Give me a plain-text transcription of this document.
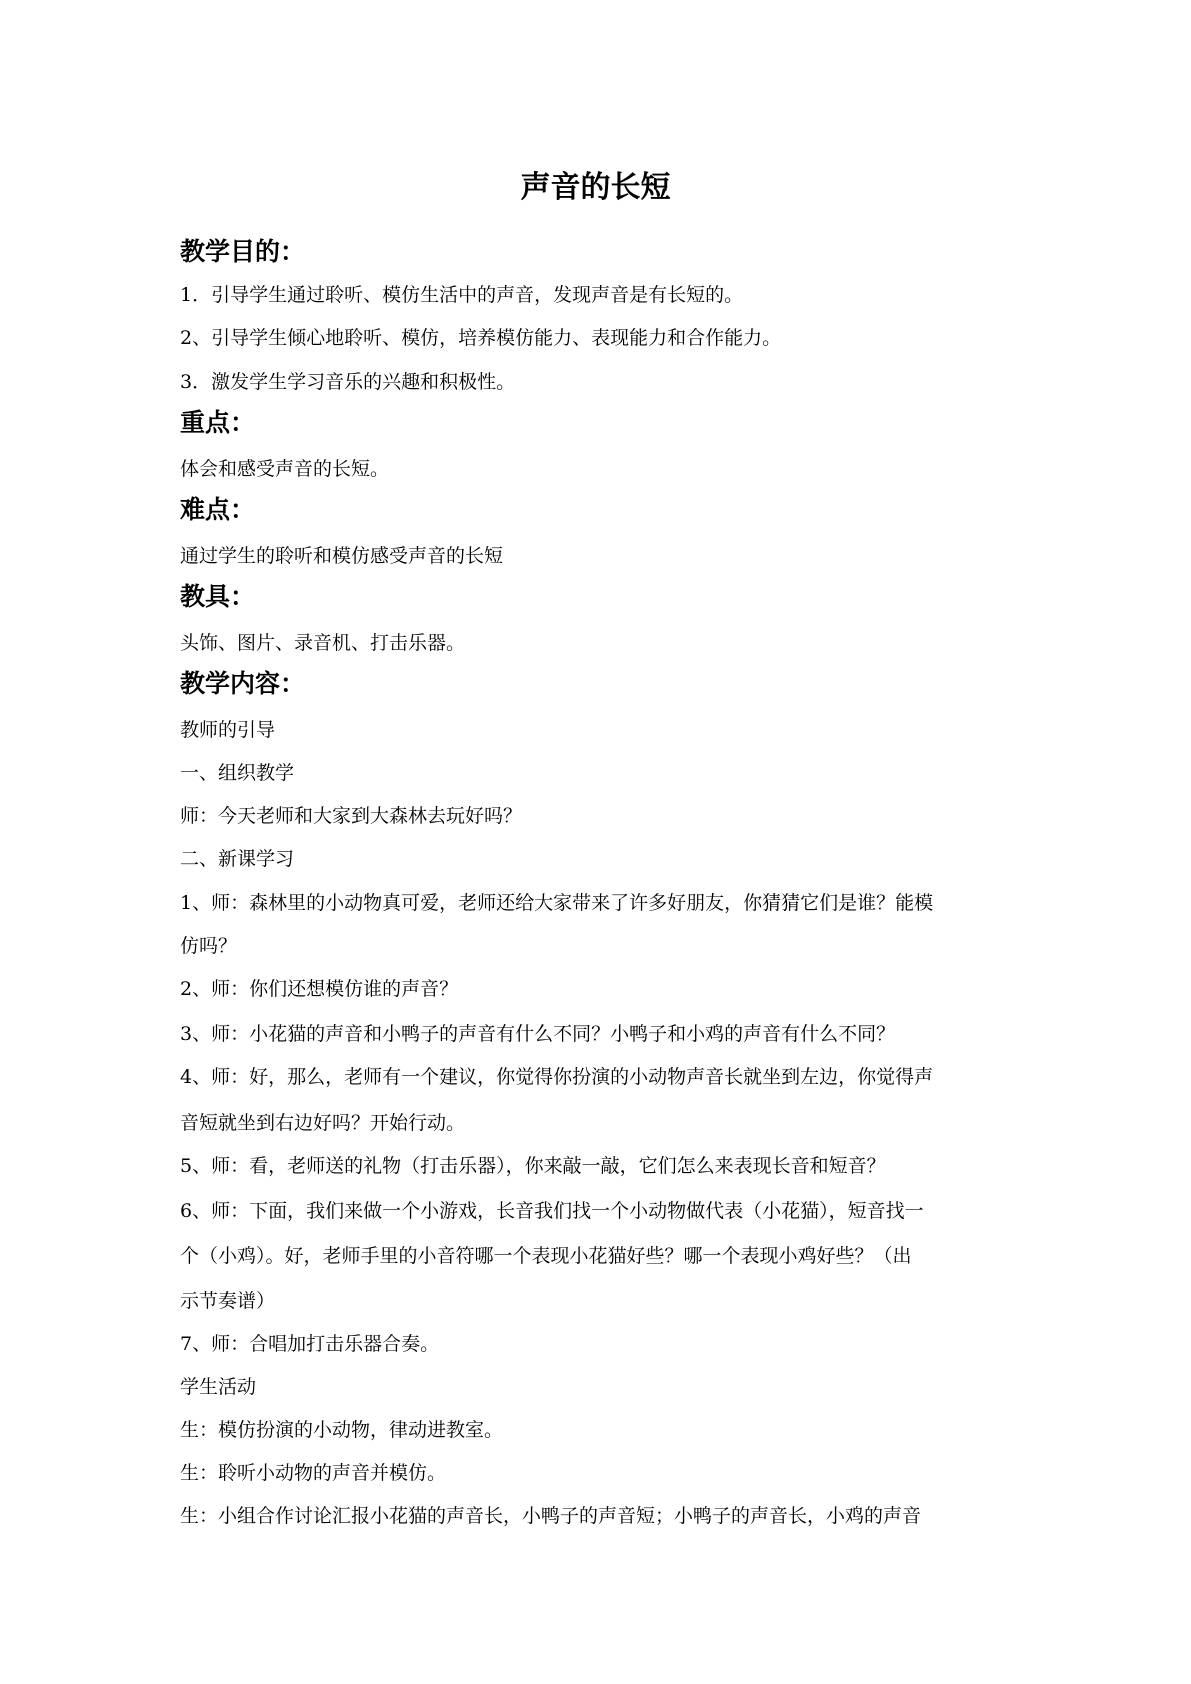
声音的长短
教学目的：
1．引导学生通过聆听、模仿生活中的声音，发现声音是有长短的。
2、引导学生倾心地聆听、模仿，培养模仿能力、表现能力和合作能力。
3．激发学生学习音乐的兴趣和积极性。
重点：
体会和感受声音的长短。
难点：
通过学生的聆听和模仿感受声音的长短
教具：
头饰、图片、录音机、打击乐器。
教学内容：
教师的引导
一、组织教学
师：今天老师和大家到大森林去玩好吗？
二、新课学习
1、师：森林里的小动物真可爱，老师还给大家带来了许多好朋友，你猜猜它们是谁？能模
仿吗？
2、师：你们还想模仿谁的声音？
3、师：小花猫的声音和小鸭子的声音有什么不同？小鸭子和小鸡的声音有什么不同？
4、师：好，那么，老师有一个建议，你觉得你扮演的小动物声音长就坐到左边，你觉得声
音短就坐到右边好吗？开始行动。
5、师：看，老师送的礼物（打击乐器），你来敲一敲，它们怎么来表现长音和短音？
6、师：下面，我们来做一个小游戏，长音我们找一个小动物做代表（小花猫），短音找一
个（小鸡）。好，老师手里的小音符哪一个表现小花猫好些？哪一个表现小鸡好些？（出
示节奏谱）
7、师：合唱加打击乐器合奏。
学生活动
生：模仿扮演的小动物，律动进教室。
生：聆听小动物的声音并模仿。
生：小组合作讨论汇报小花猫的声音长，小鸭子的声音短；小鸭子的声音长，小鸡的声音
